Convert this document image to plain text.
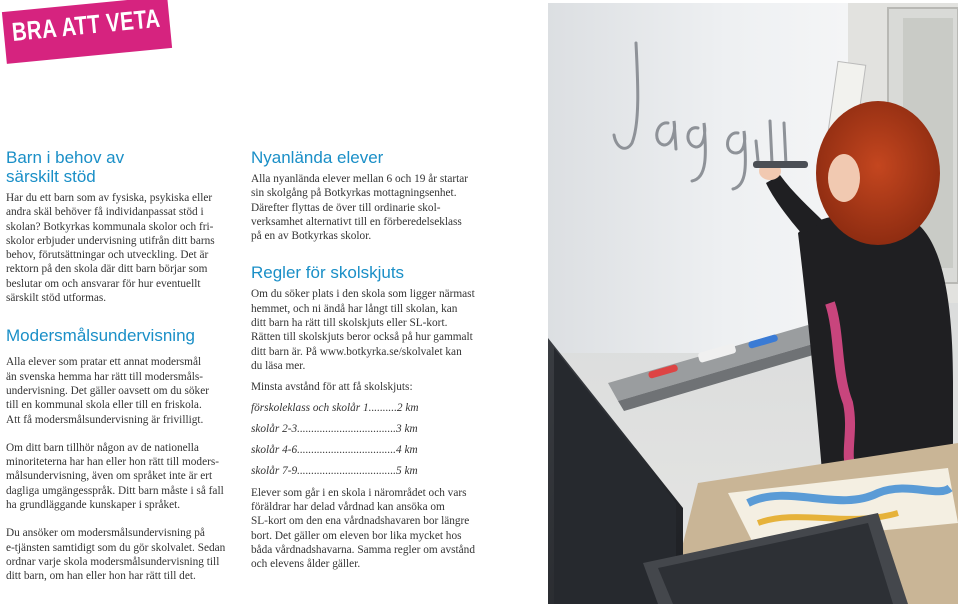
BRA ATT VETA
Barn i behov av
särskilt stöd

Har du ett barn som av fysiska, psykiska eller

andra skäl behöver få individanpassat stöd i

skolan? Botkyrkas kommunala skolor och fri-

skolor erbjuder undervisning utifrån ditt barns

behov, förutsättningar och utveckling. Det är

rektorn på den skola där ditt barn börjar som

beslutar om och ansvarar för hur eventuellt

särskilt stöd utformas.

Modersmålsundervisning

Alla elever som pratar ett annat modersmål

än svenska hemma har rätt till modersmåls-

undervisning. Det gäller oavsett om du söker

till en kommunal skola eller till en friskola.

Att få modersmålsundervisning är frivilligt.

Om ditt barn tillhör någon av de nationella

minoriteterna har han eller hon rätt till moders-

målsundervisning, även om språket inte är ert

dagliga umgängesspråk. Ditt barn måste i så fall

ha grundläggande kunskaper i språket.

Du ansöker om modersmålsundervisning på

e-tjänsten samtidigt som du gör skolvalet. Sedan

ordnar varje skola modersmålsundervisning till

ditt barn, om han eller hon har rätt till det.

Nyanlända elever

Alla nyanlända elever mellan 6 och 19 år startar

sin skolgång på Botkyrkas mottagningsenhet.

Därefter flyttas de över till ordinarie skol-

verksamhet alternativt till en förberedelseklass

på en av Botkyrkas skolor.

Regler för skolskjuts

Om du söker plats i den skola som ligger närmast

hemmet, och ni ändå har långt till skolan, kan

ditt barn ha rätt till skolskjuts eller SL-kort.

Rätten till skolskjuts beror också på hur gammalt

ditt barn är. På www.botkyrka.se/skolvalet kan

du läsa mer.

Minsta avstånd för att få skolskjuts:

förskoleklass och skolår 1..........2 km

skolår 2-3...................................3 km

skolår 4-6...................................4 km

skolår 7-9...................................5 km

Elever som går i en skola i närområdet och vars

föräldrar har delad vårdnad kan ansöka om

SL-kort om den ena vårdnadshavaren bor längre

bort. Det gäller om eleven bor lika mycket hos

båda vårdnadshavarna. Samma regler om avstånd

och elevens ålder gäller.
